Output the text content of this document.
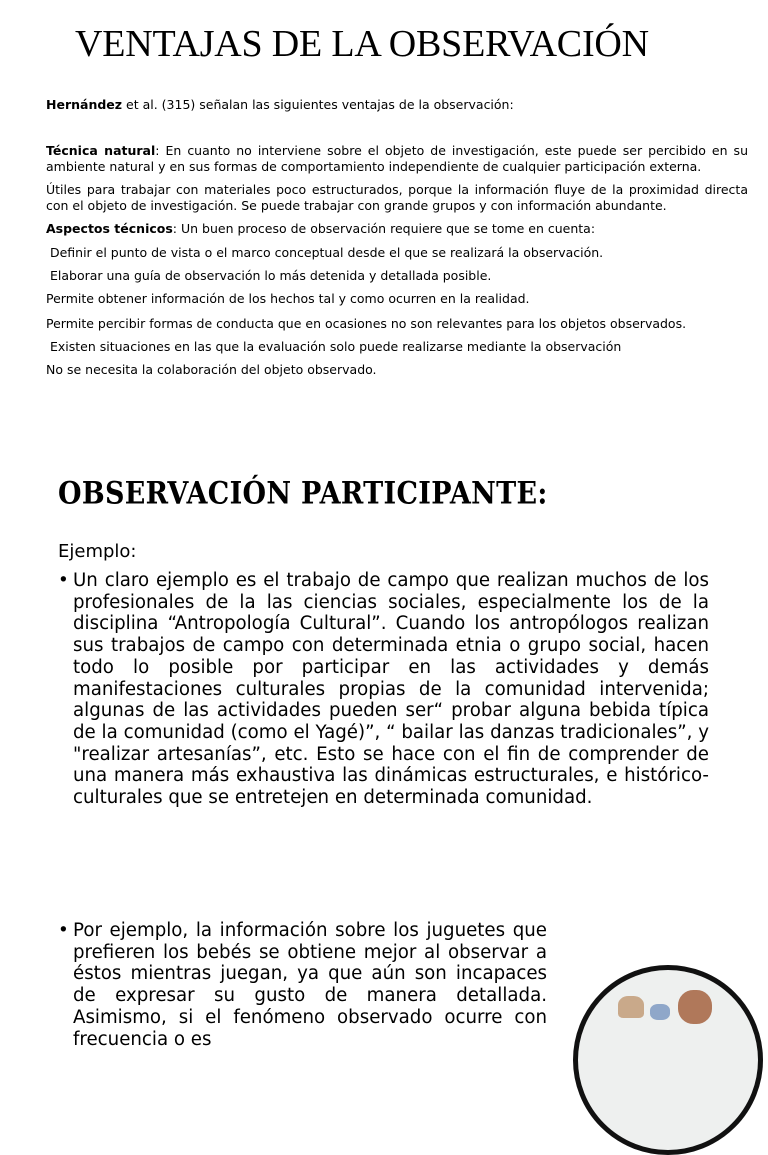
VENTAJAS DE LA OBSERVACIÓN
Hernández et al. (315) señalan las siguientes ventajas de la observación:
Técnica natural: En cuanto no interviene sobre el objeto de investigación, este puede ser percibido en su ambiente natural y en sus formas de comportamiento independiente de cualquier participación externa.
Útiles para trabajar con materiales poco estructurados, porque la información fluye de la proximidad directa con el objeto de investigación. Se puede trabajar con grande grupos y con información abundante.
Aspectos técnicos: Un buen proceso de observación requiere que se tome en cuenta:
Definir el punto de vista o el marco conceptual desde el que se realizará la observación.
Elaborar una guía de observación lo más detenida y detallada posible.
Permite obtener información de los hechos tal y como ocurren en la realidad.
Permite percibir formas de conducta que en ocasiones no son relevantes para los objetos observados.
Existen situaciones en las que la evaluación solo puede realizarse mediante la observación
No se necesita la colaboración del objeto observado.
OBSERVACIÓN PARTICIPANTE:
Ejemplo:
• Un claro ejemplo es el trabajo de campo que realizan muchos de los profesionales de la las ciencias sociales, especialmente los de la disciplina “Antropología Cultural”. Cuando los antropólogos realizan sus trabajos de campo con determinada etnia o grupo social, hacen todo lo posible por participar en las actividades y demás manifestaciones culturales propias de la comunidad intervenida; algunas de las actividades pueden ser“ probar alguna bebida típica de la comunidad (como el Yagé)”, “ bailar las danzas tradicionales”, y "realizar artesanías”, etc. Esto se hace con el fin de comprender de una manera más exhaustiva las dinámicas estructurales, e histórico-culturales que se entretejen en determinada comunidad.
• Por ejemplo, la información sobre los juguetes que prefieren los bebés se obtiene mejor al observar a éstos mientras juegan, ya que aún son incapaces de expresar su gusto de manera detallada. Asimismo, si el fenómeno observado ocurre con frecuencia o es
